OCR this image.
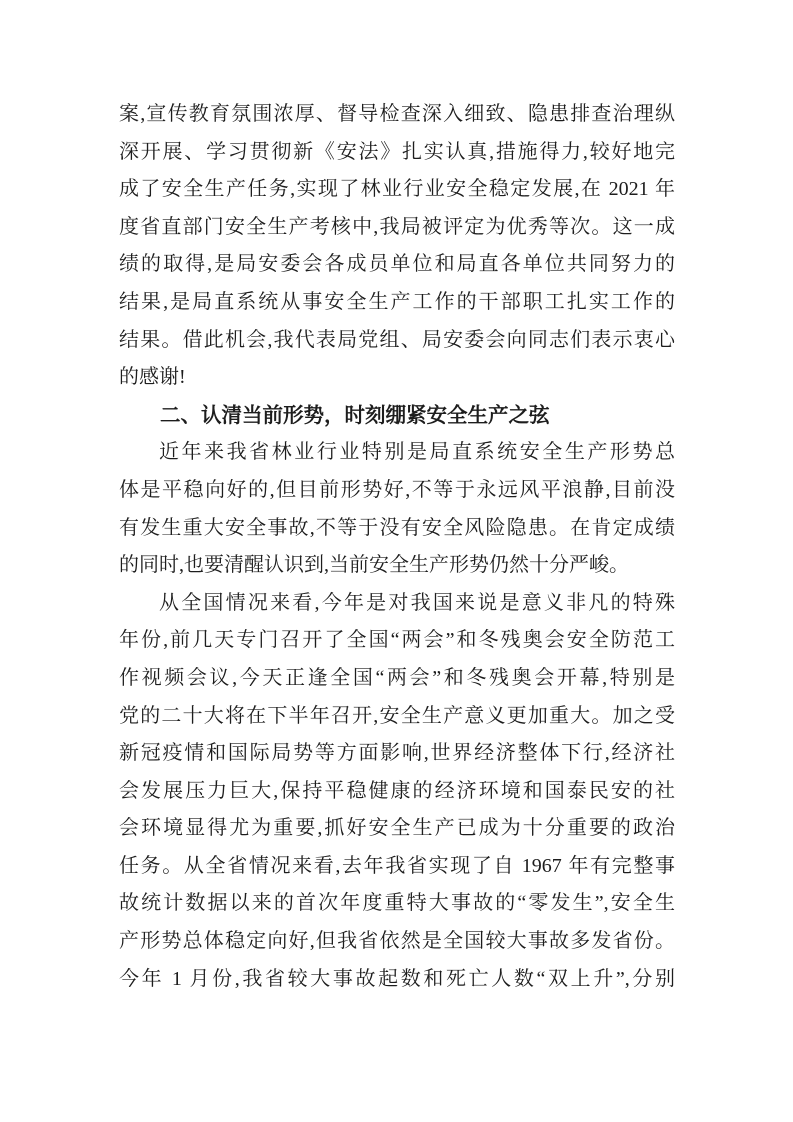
案,宣传教育氛围浓厚、督导检查深入细致、隐患排查治理纵
深开展、学习贯彻新《安法》扎实认真,措施得力,较好地完
成了安全生产任务,实现了林业行业安全稳定发展,在 2021 年
度省直部门安全生产考核中,我局被评定为优秀等次。这一成
绩的取得,是局安委会各成员单位和局直各单位共同努力的
结果,是局直系统从事安全生产工作的干部职工扎实工作的
结果。借此机会,我代表局党组、局安委会向同志们表示衷心
的感谢!
二、认清当前形势，时刻绷紧安全生产之弦
近年来我省林业行业特别是局直系统安全生产形势总
体是平稳向好的,但目前形势好,不等于永远风平浪静,目前没
有发生重大安全事故,不等于没有安全风险隐患。在肯定成绩
的同时,也要清醒认识到,当前安全生产形势仍然十分严峻。
从全国情况来看,今年是对我国来说是意义非凡的特殊
年份,前几天专门召开了全国“两会”和冬残奥会安全防范工
作视频会议,今天正逢全国“两会”和冬残奥会开幕,特别是
党的二十大将在下半年召开,安全生产意义更加重大。加之受
新冠疫情和国际局势等方面影响,世界经济整体下行,经济社
会发展压力巨大,保持平稳健康的经济环境和国泰民安的社
会环境显得尤为重要,抓好安全生产已成为十分重要的政治
任务。从全省情况来看,去年我省实现了自 1967 年有完整事
故统计数据以来的首次年度重特大事故的“零发生”,安全生
产形势总体稳定向好,但我省依然是全国较大事故多发省份。
今年 1 月份,我省较大事故起数和死亡人数“双上升”,分别
